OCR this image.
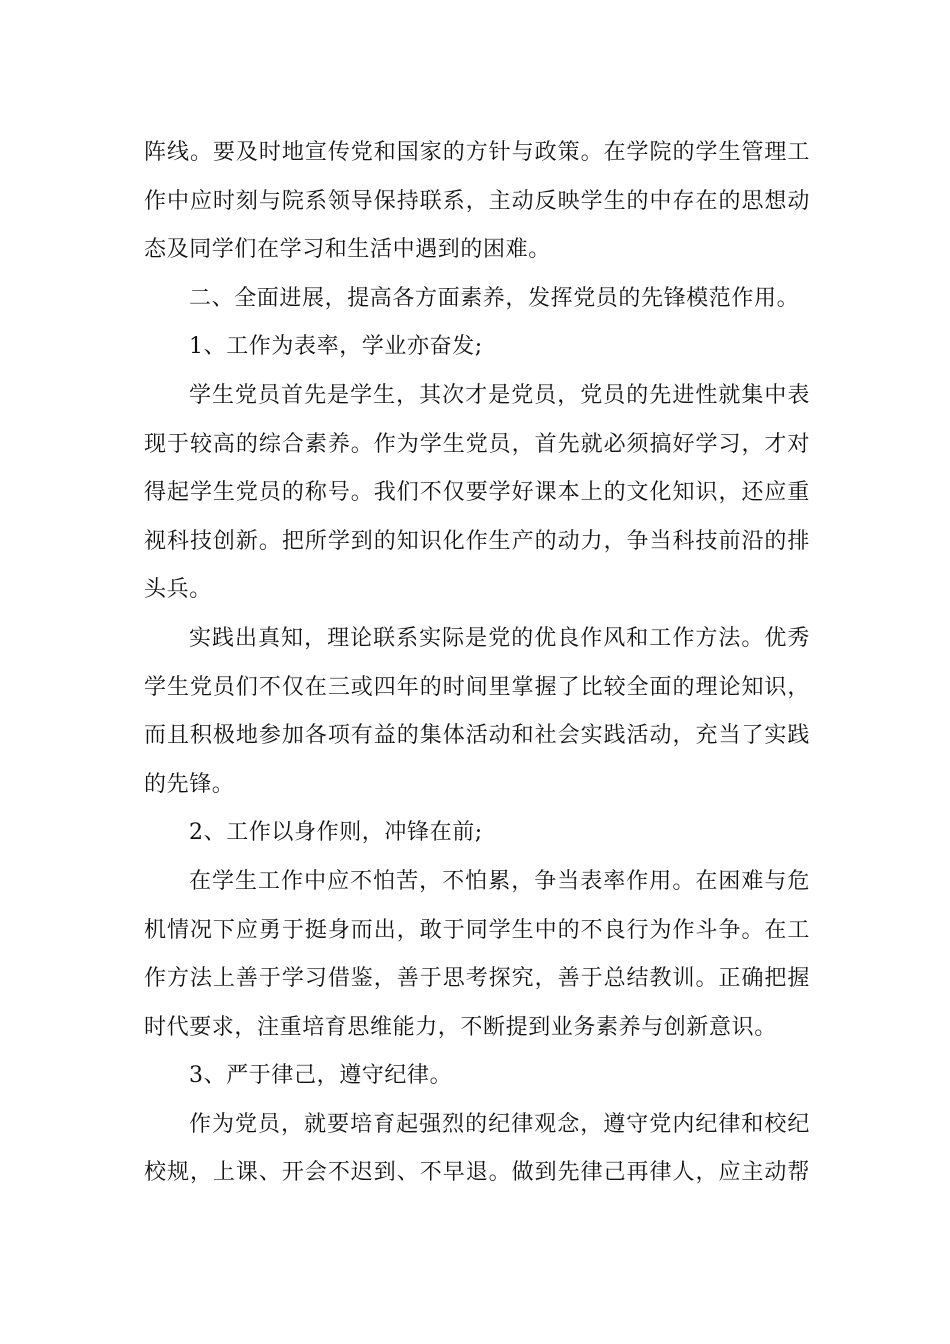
阵线。要及时地宣传党和国家的方针与政策。在学院的学生管理工
作中应时刻与院系领导保持联系，主动反映学生的中存在的思想动
态及同学们在学习和生活中遇到的困难。
二、全面进展，提高各方面素养，发挥党员的先锋模范作用。
1、工作为表率，学业亦奋发;
学生党员首先是学生，其次才是党员，党员的先进性就集中表
现于较高的综合素养。作为学生党员，首先就必须搞好学习，才对
得起学生党员的称号。我们不仅要学好课本上的文化知识，还应重
视科技创新。把所学到的知识化作生产的动力，争当科技前沿的排
头兵。
实践出真知，理论联系实际是党的优良作风和工作方法。优秀
学生党员们不仅在三或四年的时间里掌握了比较全面的理论知识，
而且积极地参加各项有益的集体活动和社会实践活动，充当了实践
的先锋。
2、工作以身作则，冲锋在前;
在学生工作中应不怕苦，不怕累，争当表率作用。在困难与危
机情况下应勇于挺身而出，敢于同学生中的不良行为作斗争。在工
作方法上善于学习借鉴，善于思考探究，善于总结教训。正确把握
时代要求，注重培育思维能力，不断提到业务素养与创新意识。
3、严于律己，遵守纪律。
作为党员，就要培育起强烈的纪律观念，遵守党内纪律和校纪
校规，上课、开会不迟到、不早退。做到先律己再律人，应主动帮
